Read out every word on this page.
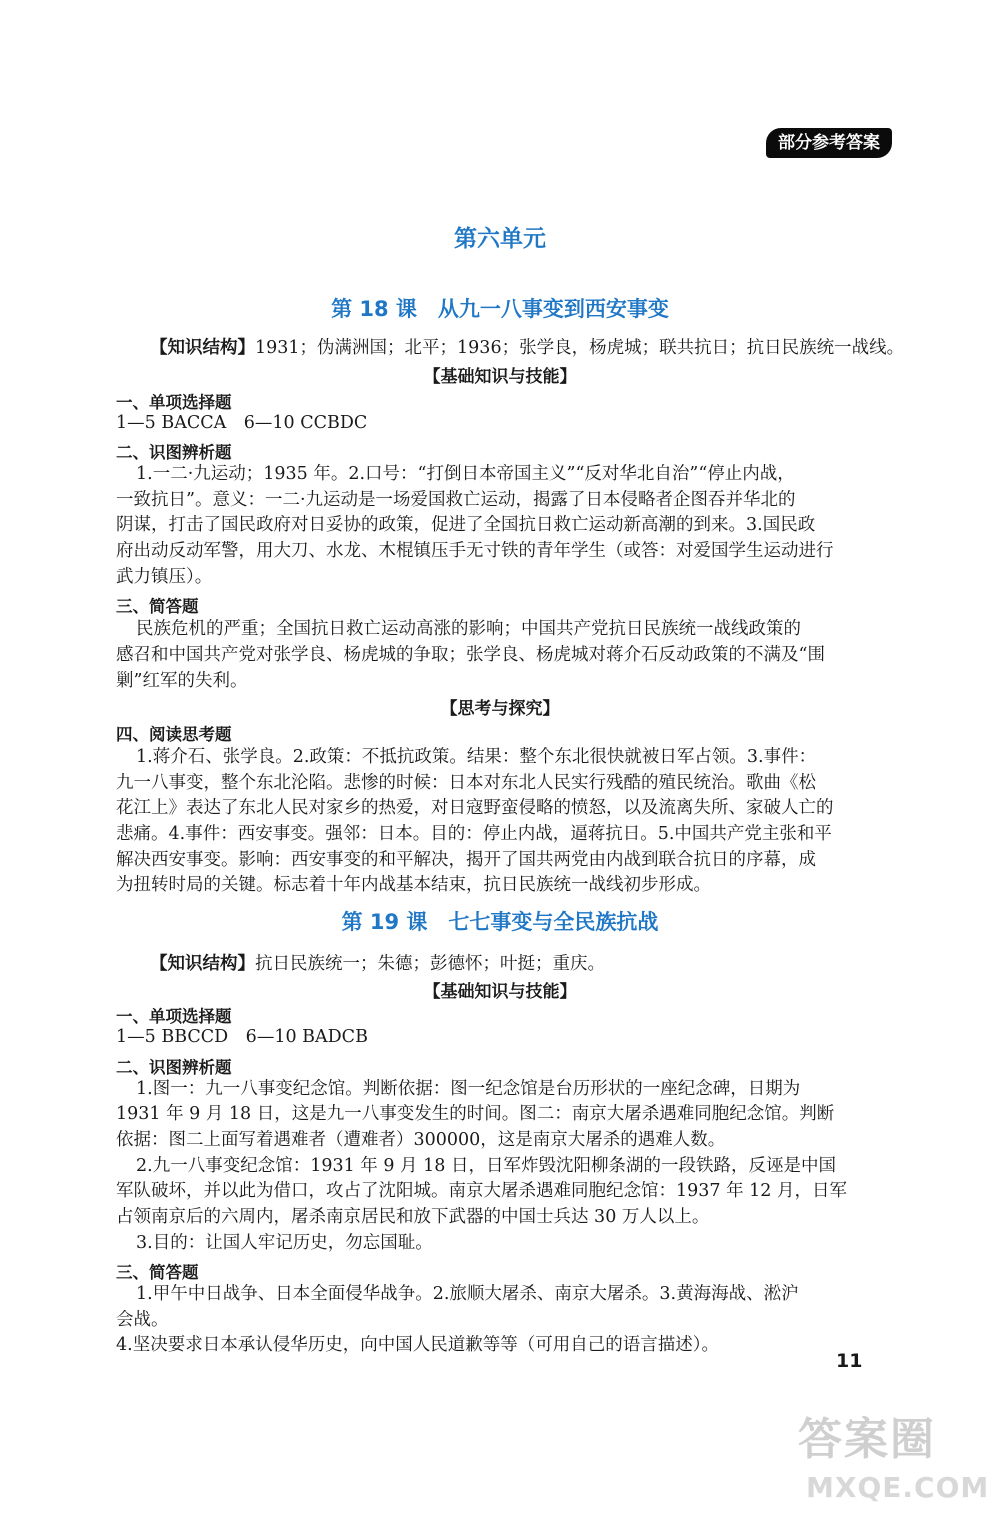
部分参考答案
第六单元
第 18 课　从九一八事变到西安事变
【知识结构】1931；伪满洲国；北平；1936；张学良，杨虎城；联共抗日；抗日民族统一战线。
【基础知识与技能】
一、单项选择题
1—5 BACCA　6—10 CCBDC
二、识图辨析题
1.一二·九运动；1935 年。2.口号：“打倒日本帝国主义”“反对华北自治”“停止内战，
一致抗日”。意义：一二·九运动是一场爱国救亡运动，揭露了日本侵略者企图吞并华北的
阴谋，打击了国民政府对日妥协的政策，促进了全国抗日救亡运动新高潮的到来。3.国民政
府出动反动军警，用大刀、水龙、木棍镇压手无寸铁的青年学生（或答：对爱国学生运动进行
武力镇压）。
三、简答题
民族危机的严重；全国抗日救亡运动高涨的影响；中国共产党抗日民族统一战线政策的
感召和中国共产党对张学良、杨虎城的争取；张学良、杨虎城对蒋介石反动政策的不满及“围
剿”红军的失利。
【思考与探究】
四、阅读思考题
1.蒋介石、张学良。2.政策：不抵抗政策。结果：整个东北很快就被日军占领。3.事件：
九一八事变，整个东北沦陷。悲惨的时候：日本对东北人民实行残酷的殖民统治。歌曲《松
花江上》表达了东北人民对家乡的热爱，对日寇野蛮侵略的愤怒，以及流离失所、家破人亡的
悲痛。4.事件：西安事变。强邻：日本。目的：停止内战，逼蒋抗日。5.中国共产党主张和平
解决西安事变。影响：西安事变的和平解决，揭开了国共两党由内战到联合抗日的序幕，成
为扭转时局的关键。标志着十年内战基本结束，抗日民族统一战线初步形成。
第 19 课　七七事变与全民族抗战
【知识结构】抗日民族统一；朱德；彭德怀；叶挺；重庆。
【基础知识与技能】
一、单项选择题
1—5 BBCCD　6—10 BADCB
二、识图辨析题
1.图一：九一八事变纪念馆。判断依据：图一纪念馆是台历形状的一座纪念碑，日期为
1931 年 9 月 18 日，这是九一八事变发生的时间。图二：南京大屠杀遇难同胞纪念馆。判断
依据：图二上面写着遇难者（遭难者）300000，这是南京大屠杀的遇难人数。
2.九一八事变纪念馆：1931 年 9 月 18 日，日军炸毁沈阳柳条湖的一段铁路，反诬是中国
军队破坏，并以此为借口，攻占了沈阳城。南京大屠杀遇难同胞纪念馆：1937 年 12 月，日军
占领南京后的六周内，屠杀南京居民和放下武器的中国士兵达 30 万人以上。
3.目的：让国人牢记历史，勿忘国耻。
三、简答题
1.甲午中日战争、日本全面侵华战争。2.旅顺大屠杀、南京大屠杀。3.黄海海战、淞沪
会战。
4.坚决要求日本承认侵华历史，向中国人民道歉等等（可用自己的语言描述）。
11
答案圈
MXQE.COM
